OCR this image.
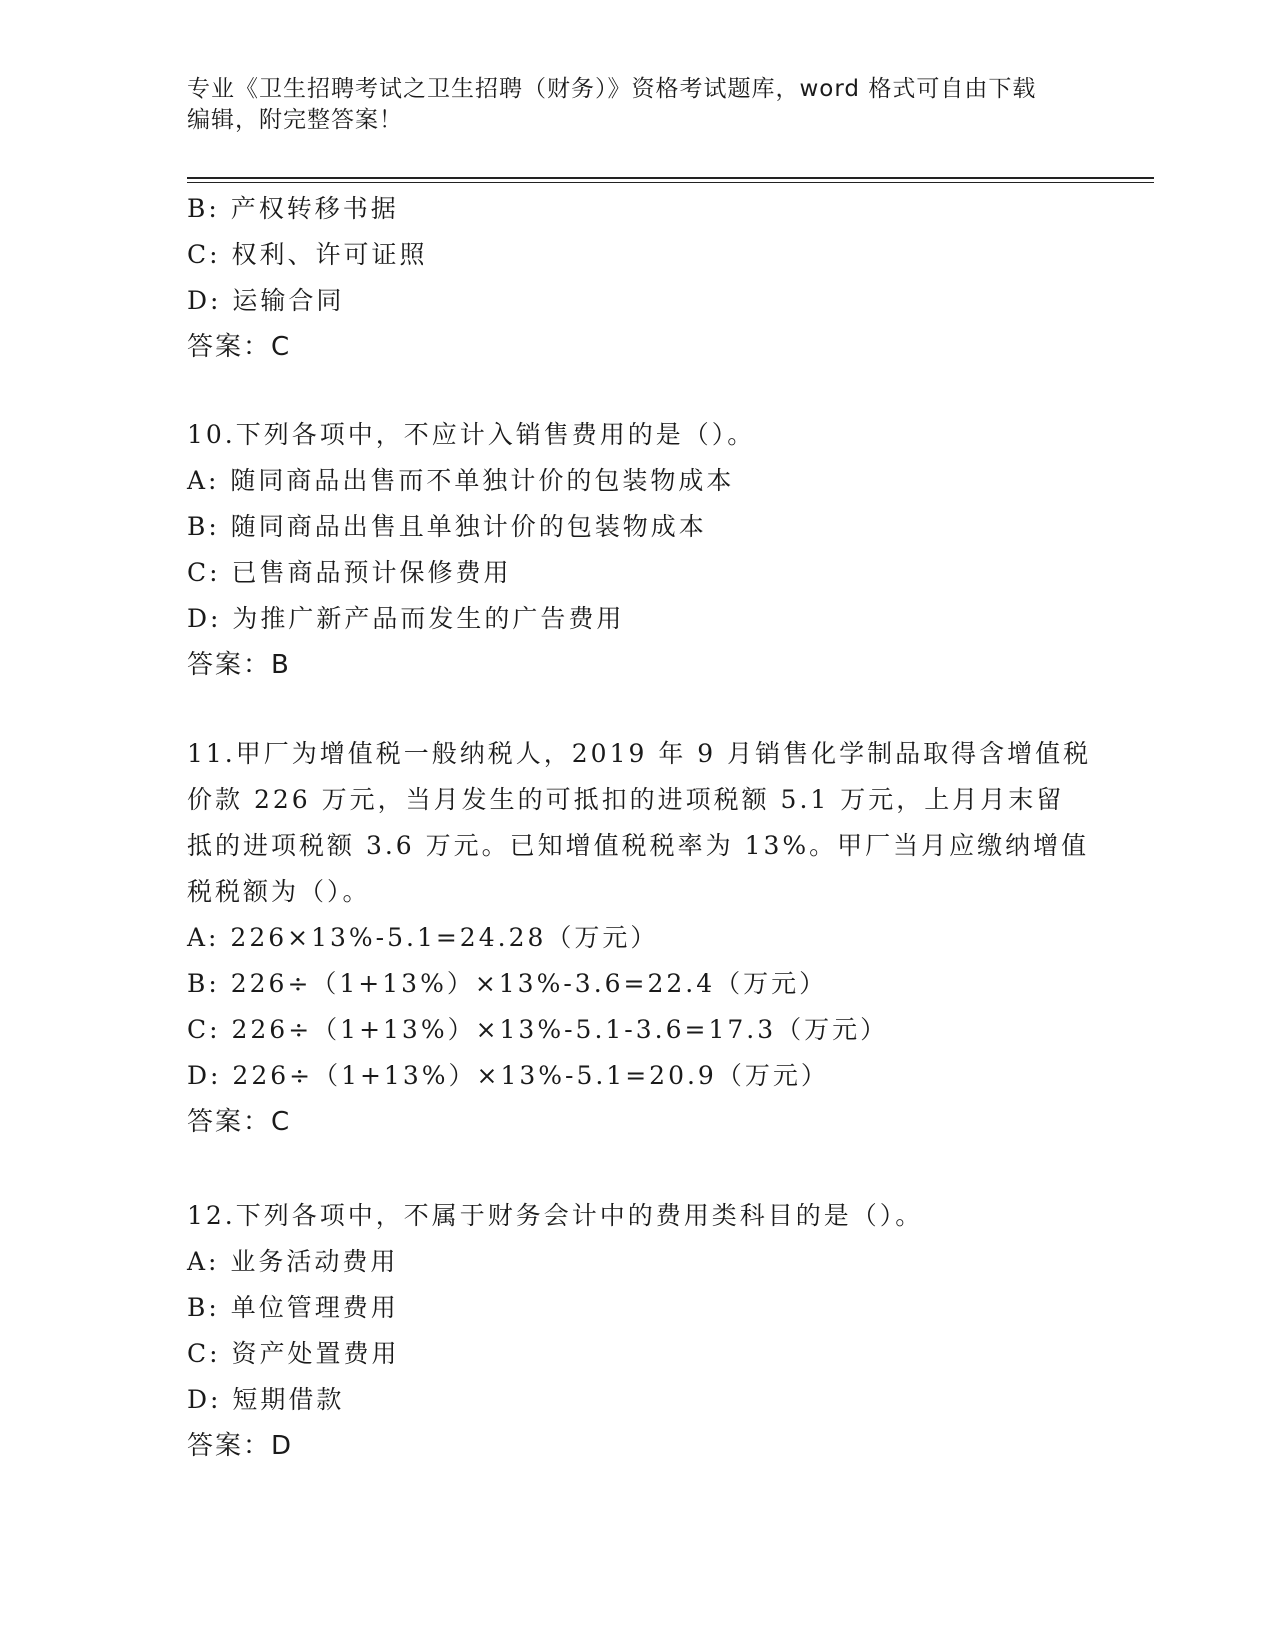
专业《卫生招聘考试之卫生招聘（财务）》资格考试题库，word 格式可自由下载
编辑，附完整答案！
B: 产权转移书据
C: 权利、许可证照
D: 运输合同
答案：C
10.下列各项中，不应计入销售费用的是（）。
A: 随同商品出售而不单独计价的包装物成本
B: 随同商品出售且单独计价的包装物成本
C: 已售商品预计保修费用
D: 为推广新产品而发生的广告费用
答案：B
11.甲厂为增值税一般纳税人，2019 年 9 月销售化学制品取得含增值税
价款 226 万元，当月发生的可抵扣的进项税额 5.1 万元，上月月末留
抵的进项税额 3.6 万元。已知增值税税率为 13%。甲厂当月应缴纳增值
税税额为（）。
A: 226×13%-5.1=24.28（万元）
B: 226÷（1+13%）×13%-3.6=22.4（万元）
C: 226÷（1+13%）×13%-5.1-3.6=17.3（万元）
D: 226÷（1+13%）×13%-5.1=20.9（万元）
答案：C
12.下列各项中，不属于财务会计中的费用类科目的是（）。
A: 业务活动费用
B: 单位管理费用
C: 资产处置费用
D: 短期借款
答案：D
